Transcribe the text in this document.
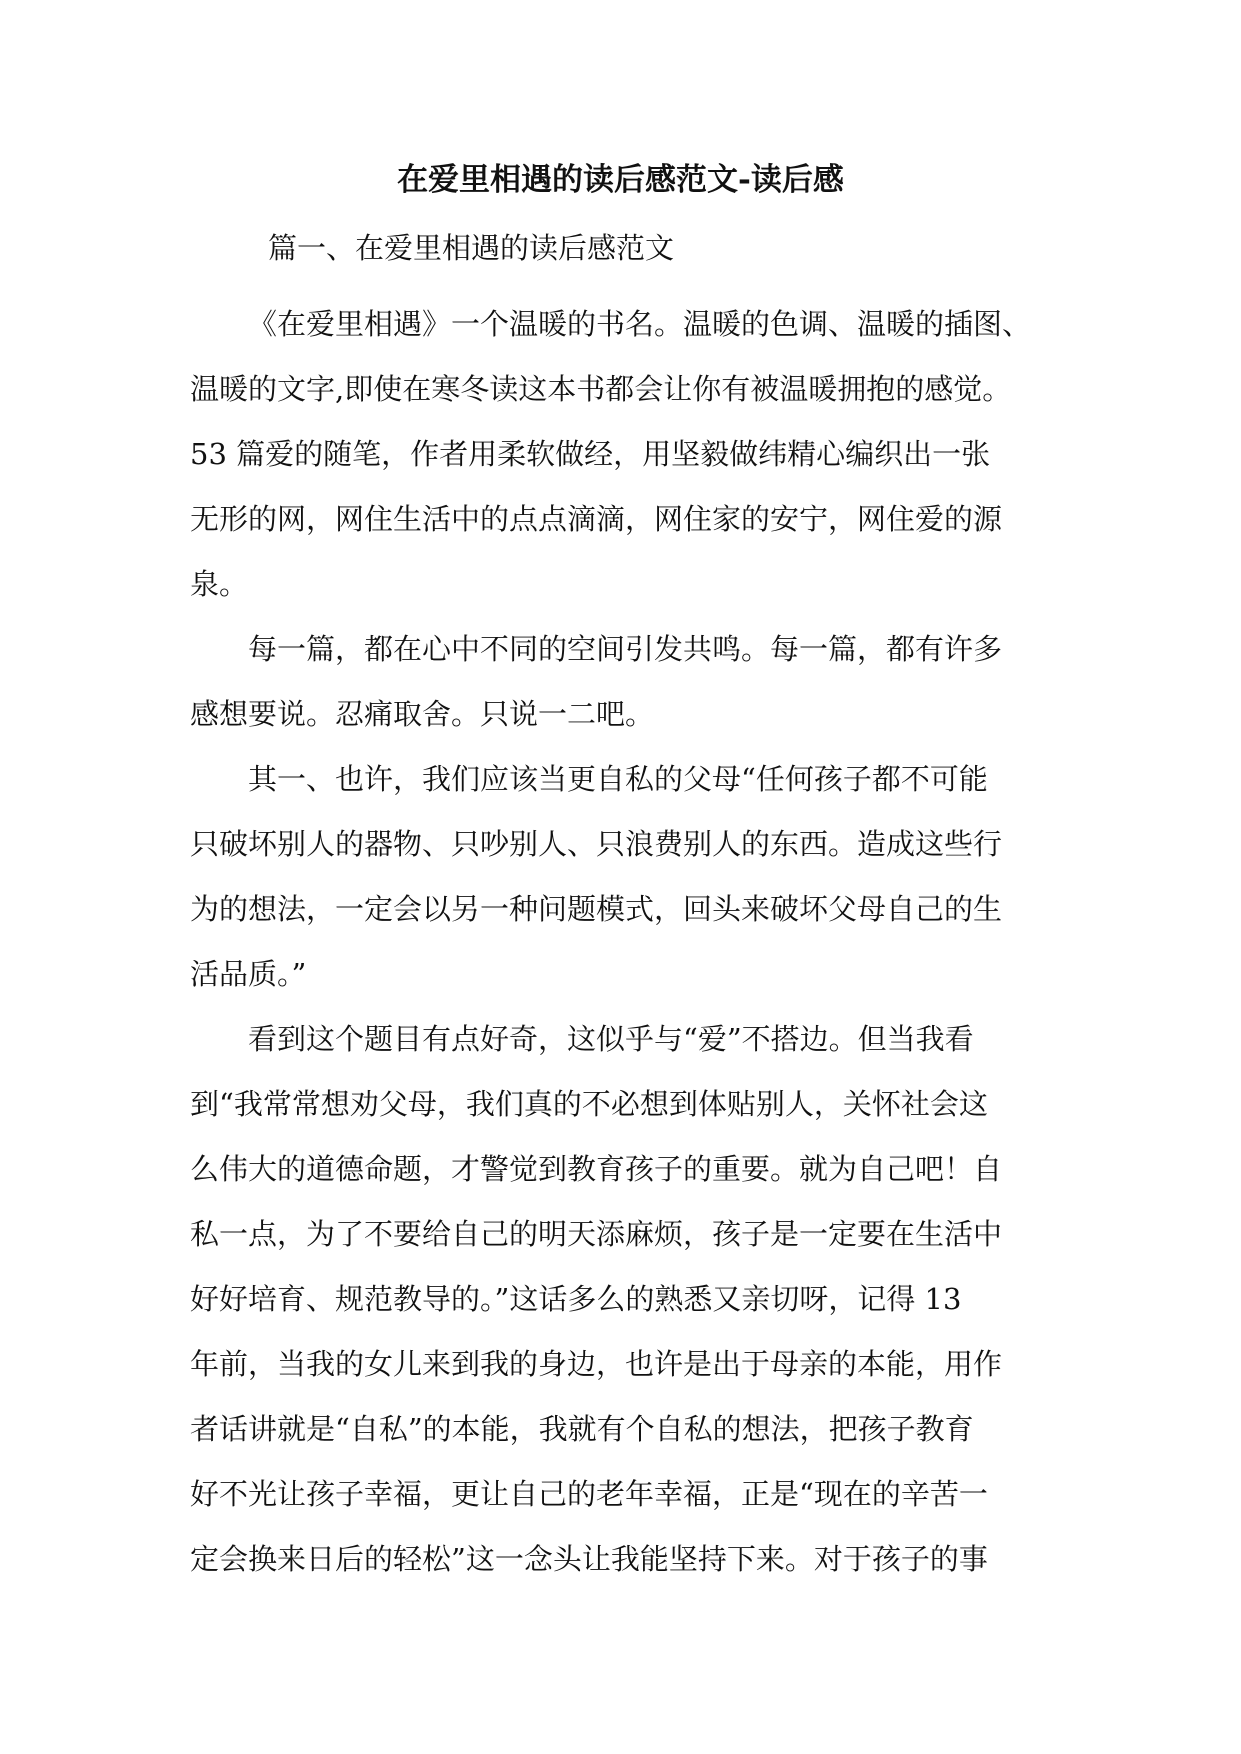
在爱里相遇的读后感范文-读后感
篇一、在爱里相遇的读后感范文
《在爱里相遇》一个温暖的书名。温暖的色调、温暖的插图、
温暖的文字,即使在寒冬读这本书都会让你有被温暖拥抱的感觉。
53 篇爱的随笔，作者用柔软做经，用坚毅做纬精心编织出一张
无形的网，网住生活中的点点滴滴，网住家的安宁，网住爱的源
泉。
每一篇，都在心中不同的空间引发共鸣。每一篇，都有许多
感想要说。忍痛取舍。只说一二吧。
其一、也许，我们应该当更自私的父母“任何孩子都不可能
只破坏别人的器物、只吵别人、只浪费别人的东西。造成这些行
为的想法，一定会以另一种问题模式，回头来破坏父母自己的生
活品质。”
看到这个题目有点好奇，这似乎与“爱”不搭边。但当我看
到“我常常想劝父母，我们真的不必想到体贴别人，关怀社会这
么伟大的道德命题，才警觉到教育孩子的重要。就为自己吧！自
私一点，为了不要给自己的明天添麻烦，孩子是一定要在生活中
好好培育、规范教导的。”这话多么的熟悉又亲切呀，记得 13
年前，当我的女儿来到我的身边，也许是出于母亲的本能，用作
者话讲就是“自私”的本能，我就有个自私的想法，把孩子教育
好不光让孩子幸福，更让自己的老年幸福，正是“现在的辛苦一
定会换来日后的轻松”这一念头让我能坚持下来。对于孩子的事
